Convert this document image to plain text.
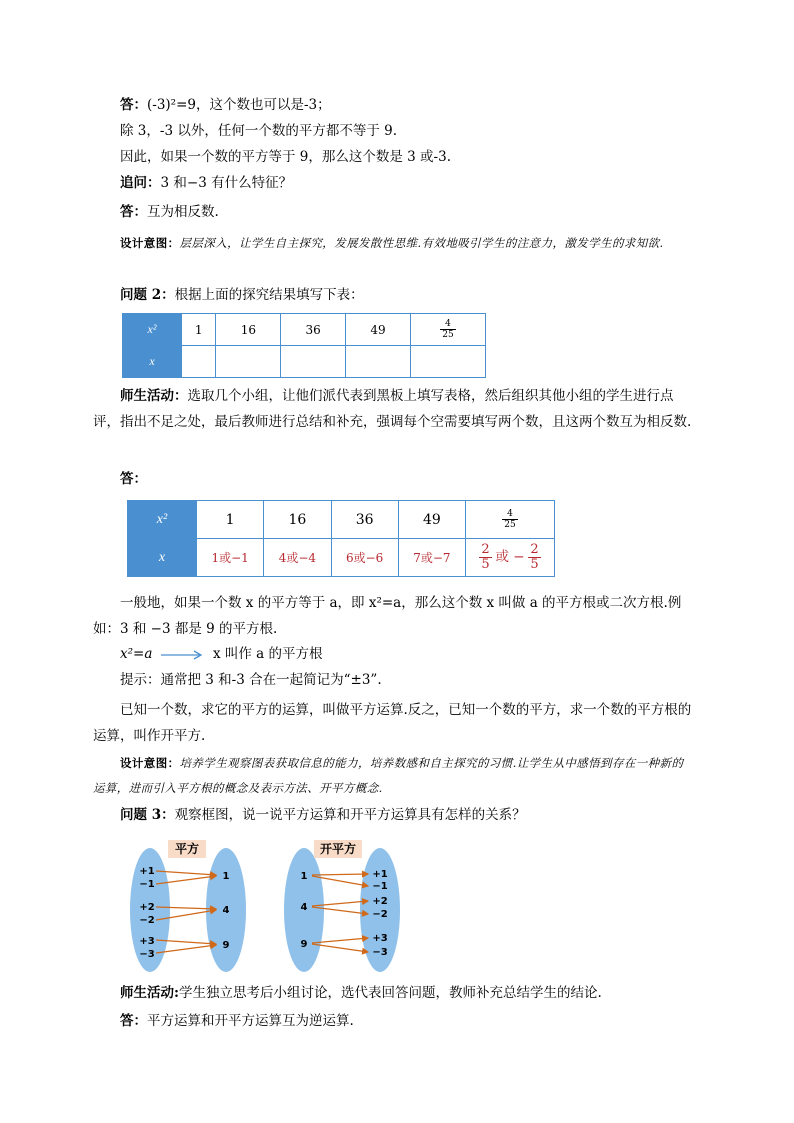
答：(-3)²=9，这个数也可以是-3；
除 3，-3 以外，任何一个数的平方都不等于 9.
因此，如果一个数的平方等于 9，那么这个数是 3 或-3.
追问：3 和−3 有什么特征？
答：互为相反数.
设计意图：层层深入，让学生自主探究，发展发散性思维.有效地吸引学生的注意力，激发学生的求知欲.
问题 2：根据上面的探究结果填写下表：
x²	1	16	36	49	$\frac{4}{25}$

x					
师生活动：选取几个小组，让他们派代表到黑板上填写表格，然后组织其他小组的学生进行点评，指出不足之处，最后教师进行总结和补充，强调每个空需要填写两个数，且这两个数互为相反数.
答：
x²	1	16	36	49	$\frac{4}{25}$

x	1或−1	4或−4	6或−6	7或−7	$\frac{2}{5}$ 或 − $\frac{2}{5}$
一般地，如果一个数 x 的平方等于 a，即 x²=a，那么这个数 x 叫做 a 的平方根或二次方根.例如：3 和 −3 都是 9 的平方根.
x²=a	x 叫作 a 的平方根
提示：通常把 3 和-3 合在一起简记为“±3”.
已知一个数，求它的平方的运算，叫做平方运算.反之，已知一个数的平方，求一个数的平方根的运算，叫作开平方.
设计意图：培养学生观察图表获取信息的能力，培养数感和自主探究的习惯.让学生从中感悟到存在一种新的运算，进而引入平方根的概念及表示方法、开平方概念.
问题 3：观察框图，说一说平方运算和开平方运算具有怎样的关系？
平方
+1
−1
+2
−2
+3
−3
1
4
9
开平方
1
4
9
+1
−1
+2
−2
+3
−3
师生活动:学生独立思考后小组讨论，选代表回答问题，教师补充总结学生的结论.
答：平方运算和开平方运算互为逆运算.
